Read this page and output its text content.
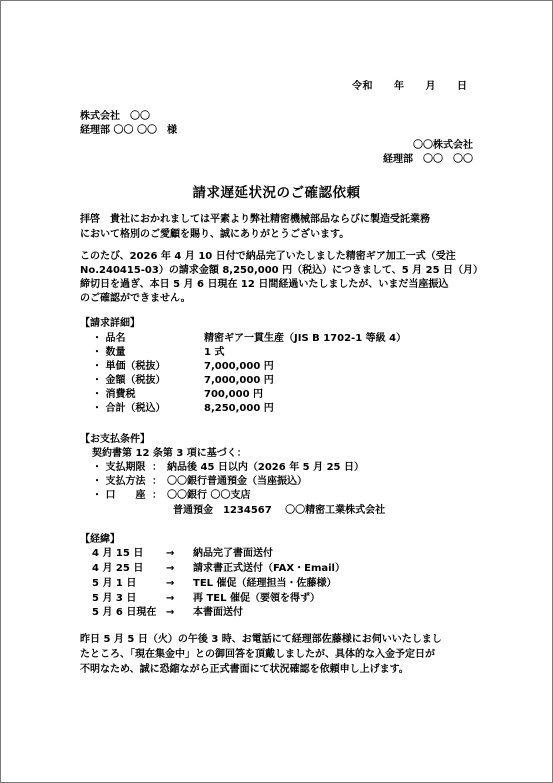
令和　　年　　月　　日
株式会社　〇〇
経理部 〇〇 〇〇　様
〇〇株式会社
経理部　〇〇　〇〇
請求遅延状況のご確認依頼
拝啓　貴社におかれましては平素より弊社精密機械部品ならびに製造受託業務
において格別のご愛顧を賜り、誠にありがとうございます。
このたび、2026 年 4 月 10 日付で納品完了いたしました精密ギア加工一式（受注
No.240415-03）の請求金額 8,250,000 円（税込）につきまして、5 月 25 日（月）
締切日を過ぎ、本日 5 月 6 日現在 12 日間経過いたしましたが、いまだ当座振込
のご確認ができません。
【請求詳細】
・ 品名	精密ギア一貫生産（JIS B 1702-1 等級 4）
・ 数量	1 式
・ 単価（税抜）	7,000,000 円
・ 金額（税抜）	7,000,000 円
・ 消費税	700,000 円
・ 合計（税込）	8,250,000 円
【お支払条件】
契約書第 12 条第 3 項に基づく：
・ 支払期限 ：　納品後 45 日以内（2026 年 5 月 25 日）
・ 支払方法 ：　〇〇銀行普通預金（当座振込）
・ 口　　座 ：　〇〇銀行 〇〇支店
普通預金　1234567　 〇〇精密工業株式会社
【経緯】
4 月 15 日 → 納品完了書面送付
4 月 25 日 → 請求書正式送付（FAX・Email）
5 月 1 日	→ TEL 催促（経理担当・佐藤様）
5 月 3 日	→ 再 TEL 催促（要領を得ず）
5 月 6 日現在 → 本書面送付
昨日 5 月 5 日（火）の午後 3 時、お電話にて経理部佐藤様にお伺いいたしまし
たところ、「現在集金中」との御回答を頂戴しましたが、具体的な入金予定日が
不明なため、誠に恐縮ながら正式書面にて状況確認を依頼申し上げます。
